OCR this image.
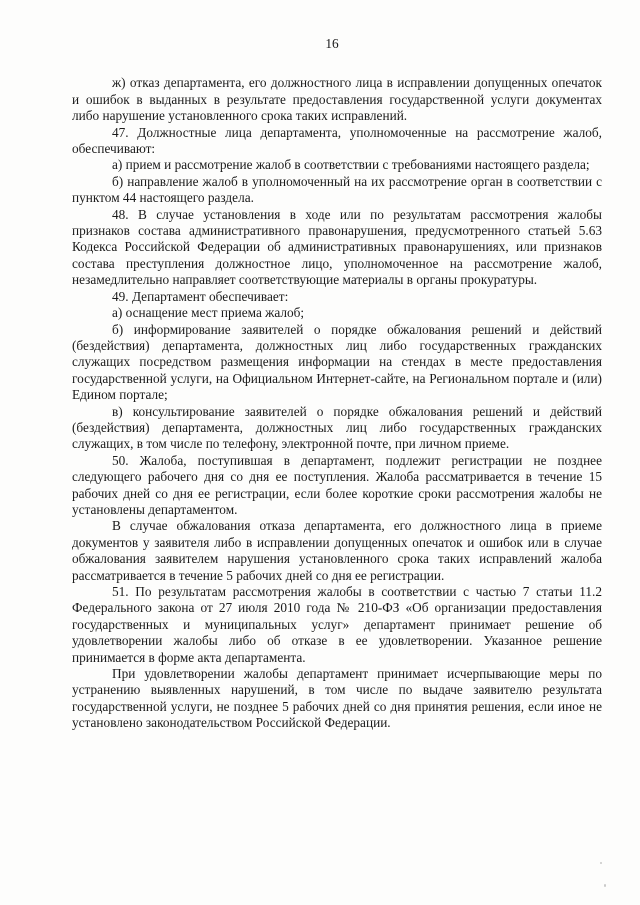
16

ж) отказ департамента, его должностного лица в исправлении допущенных опечаток и ошибок в выданных в результате предоставления государственной услуги документах либо нарушение установленного срока таких исправлений.

47. Должностные лица департамента, уполномоченные на рассмотрение жалоб, обеспечивают:

а) прием и рассмотрение жалоб в соответствии с требованиями настоящего раздела;

б) направление жалоб в уполномоченный на их рассмотрение орган в соответствии с пунктом 44 настоящего раздела.

48. В случае установления в ходе или по результатам рассмотрения жалобы признаков состава административного правонарушения, предусмотренного статьей 5.63 Кодекса Российской Федерации об административных правонарушениях, или признаков состава преступления должностное лицо, уполномоченное на рассмотрение жалоб, незамедлительно направляет соответствующие материалы в органы прокуратуры.

49. Департамент обеспечивает:

а) оснащение мест приема жалоб;

б) информирование заявителей о порядке обжалования решений и действий (бездействия) департамента, должностных лиц либо государственных гражданских служащих посредством размещения информации на стендах в месте предоставления государственной услуги, на Официальном Интернет-сайте, на Региональном портале и (или) Едином портале;

в) консультирование заявителей о порядке обжалования решений и действий (бездействия) департамента, должностных лиц либо государственных гражданских служащих, в том числе по телефону, электронной почте, при личном приеме.

50. Жалоба, поступившая в департамент, подлежит регистрации не позднее следующего рабочего дня со дня ее поступления. Жалоба рассматривается в течение 15 рабочих дней со дня ее регистрации, если более короткие сроки рассмотрения жалобы не установлены департаментом.

В случае обжалования отказа департамента, его должностного лица в приеме документов у заявителя либо в исправлении допущенных опечаток и ошибок или в случае обжалования заявителем нарушения установленного срока таких исправлений жалоба рассматривается в течение 5 рабочих дней со дня ее регистрации.

51. По результатам рассмотрения жалобы в соответствии с частью 7 статьи 11.2 Федерального закона от 27 июля 2010 года № 210-ФЗ «Об организации предоставления государственных и муниципальных услуг» департамент принимает решение об удовлетворении жалобы либо об отказе в ее удовлетворении. Указанное решение принимается в форме акта департамента.

При удовлетворении жалобы департамент принимает исчерпывающие меры по устранению выявленных нарушений, в том числе по выдаче заявителю результата государственной услуги, не позднее 5 рабочих дней со дня принятия решения, если иное не установлено законодательством Российской Федерации.
